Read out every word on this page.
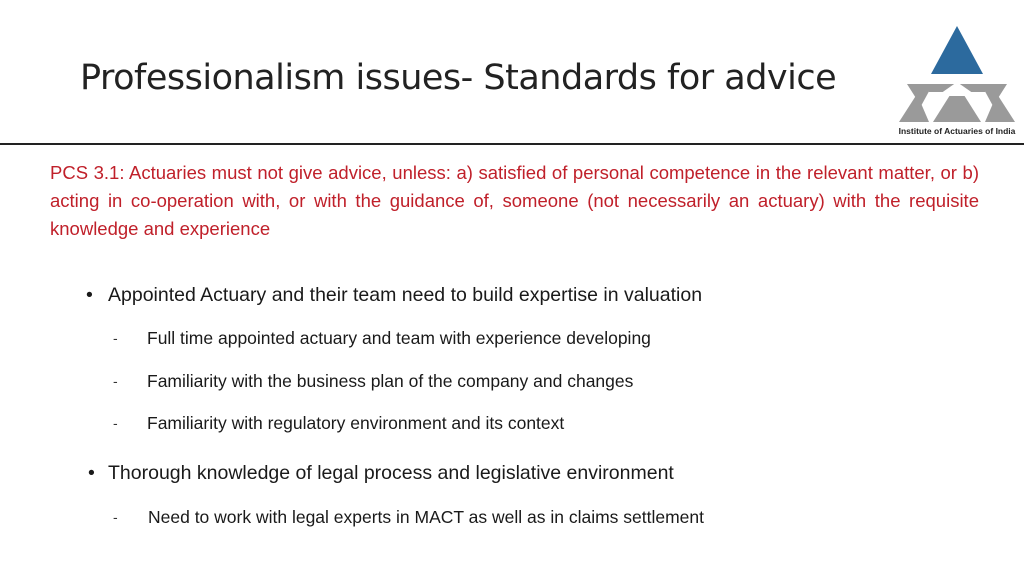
Professionalism issues- Standards for advice
Institute of Actuaries of India

PCS 3.1: Actuaries must not give advice, unless: a) satisfied of personal competence in the relevant matter, or b) acting in co-operation with, or with the guidance of, someone (not necessarily an actuary) with the requisite knowledge and experience

• Appointed Actuary and their team need to build expertise in valuation
- Full time appointed actuary and team with experience developing
- Familiarity with the business plan of the company and changes
- Familiarity with regulatory environment and its context
• Thorough knowledge of legal process and legislative environment
- Need to work with legal experts in MACT as well as in claims settlement
